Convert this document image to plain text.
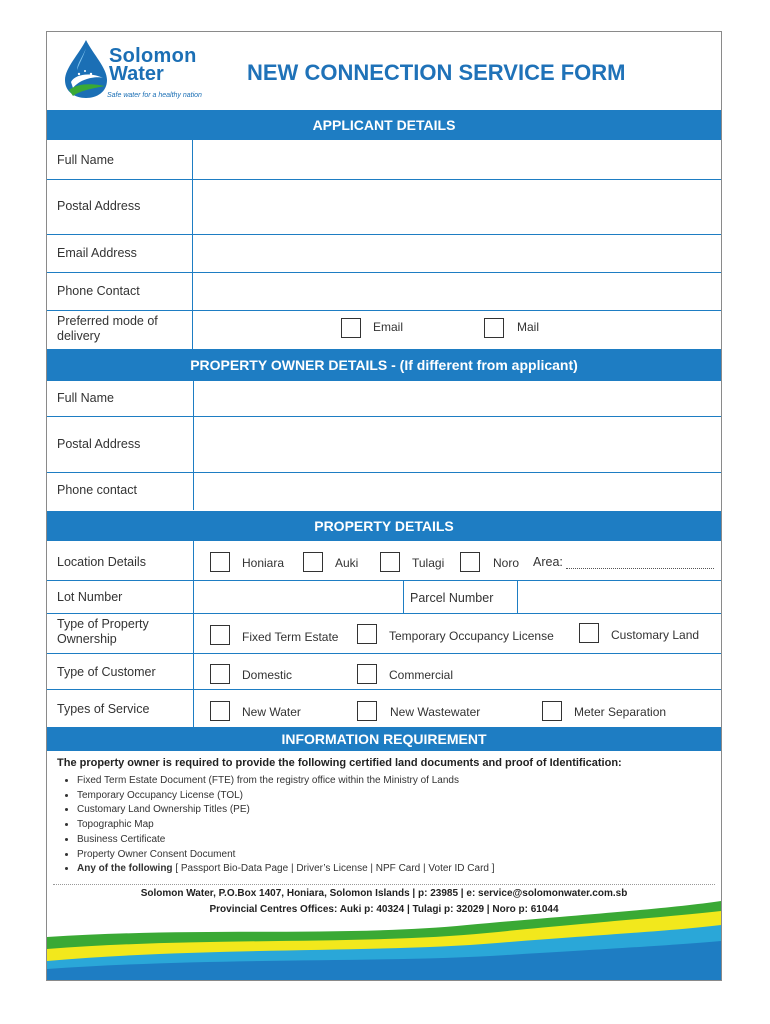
Solomon
Water
Safe water for a healthy nation
NEW CONNECTION SERVICE FORM
APPLICANT DETAILS
Full Name
Postal Address
Email Address
Phone Contact
Preferred mode of delivery
Email	Mail
PROPERTY OWNER DETAILS - (If different from applicant)
Full Name
Postal Address
Phone contact
PROPERTY DETAILS
Location Details	Honiara	Auki	Tulagi	Noro Area:
Lot Number	Parcel Number
Type of Property Ownership	Fixed Term Estate	Temporary Occupancy License	Customary Land
Type of Customer	Domestic	Commercial
Types of Service	New Water	New Wastewater	Meter Separation
INFORMATION REQUIREMENT
The property owner is required to provide the following certified land documents and proof of Identification:
• Fixed Term Estate Document (FTE) from the registry office within the Ministry of Lands
• Temporary Occupancy License (TOL)
• Customary Land Ownership Titles (PE)
• Topographic Map
• Business Certificate
• Property Owner Consent Document
• Any of the following [ Passport Bio-Data Page | Driver’s License | NPF Card | Voter ID Card ]
Solomon Water, P.O.Box 1407, Honiara, Solomon Islands | p: 23985 | e: service@solomonwater.com.sb
Provincial Centres Offices: Auki p: 40324 | Tulagi p: 32029 | Noro p: 61044
